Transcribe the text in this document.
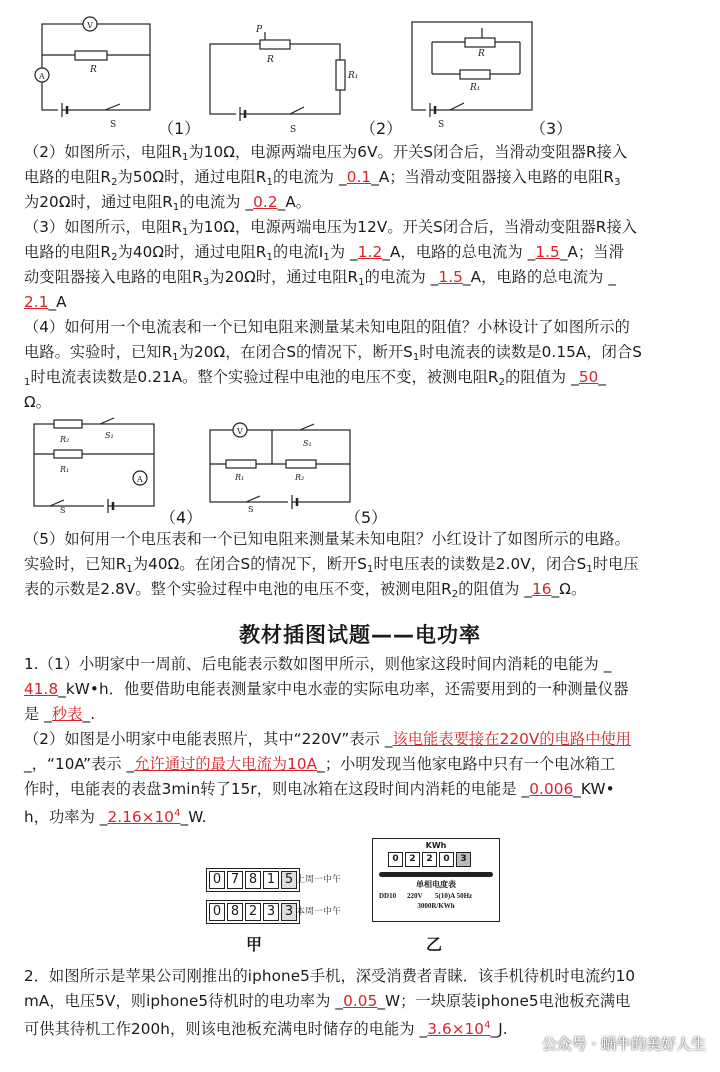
V
A
R
S
P
R
R₁
S
R
R₁
S
（1）	（2）	（3）
（2）如图所示，电阻$R_1$为10Ω，电源两端电压为6V。开关S闭合后，当滑动变阻器R接入
电路的电阻$R_2$为50Ω时，通过电阻$R_1$的电流为 _0.1_A；当滑动变阻器接入电路的电阻$R_3$
为20Ω时，通过电阻$R_1$的电流为 _0.2_A。
（3）如图所示，电阻$R_1$为10Ω，电源两端电压为12V。开关S闭合后，当滑动变阻器R接入
电路的电阻$R_2$为40Ω时，通过电阻$R_1$的电流$I_1$为 _1.2_A，电路的总电流为 _1.5_A；当滑
动变阻器接入电路的电阻$R_3$为20Ω时，通过电阻$R_1$的电流为 _1.5_A，电路的总电流为 _
2.1_A
（4）如何用一个电流表和一个已知电阻来测量某未知电阻的阻值？小林设计了如图所示的
电路。实验时，已知$R_1$为20Ω，在闭合S的情况下，断开$S_1$时电流表的读数是0.15A，闭合S
$_1$时电流表读数是0.21A。整个实验过程中电池的电压不变，被测电阻$R_2$的阻值为 _50_
Ω。
R₂	S₁
R₁
A
S
V
S₁
R₁	R₂
S
（4）	（5）
（5）如何用一个电压表和一个已知电阻来测量某未知电阻？小红设计了如图所示的电路。
实验时，已知$R_1$为40Ω。在闭合S的情况下，断开$S_1$时电压表的读数是2.0V，闭合$S_1$时电压
表的示数是2.8V。整个实验过程中电池的电压不变，被测电阻$R_2$的阻值为 _16_Ω。
教材插图试题——电功率
1.（1）小明家中一周前、后电能表示数如图甲所示，则他家这段时间内消耗的电能为 _
41.8_kW•h．他要借助电能表测量家中电水壶的实际电功率，还需要用到的一种测量仪器
是 _秒表_.
（2）如图是小明家中电能表照片，其中“220V”表示 _该电能表要接在220V的电路中使用
_，“10A”表示 _允许通过的最大电流为10A_；小明发现当他家电路中只有一个电冰箱工
作时，电能表的表盘3min转了15r，则电冰箱在这段时间内消耗的电能是 _0.006_KW•
h，功率为 $\_2.16\times 10^4\_W$.
0 7 8 1 5 上周一中午
0 8 2 3 3 本周一中午
甲
KWh
0	2	2	0	3
单相电度表
DD10 220V 5(10)A 50Hz
3000R/KWh
乙
2．如图所示是苹果公司刚推出的iphone5手机，深受消费者青睐．该手机待机时电流约10
mA，电压5V，则iphone5待机时的电功率为 _0.05_W；一块原装iphone5电池板充满电
可供其待机工作200h，则该电池板充满电时储存的电能为 $\_3.6\times 10^4\_J$.
公众号 · 蜗牛的美好人生
